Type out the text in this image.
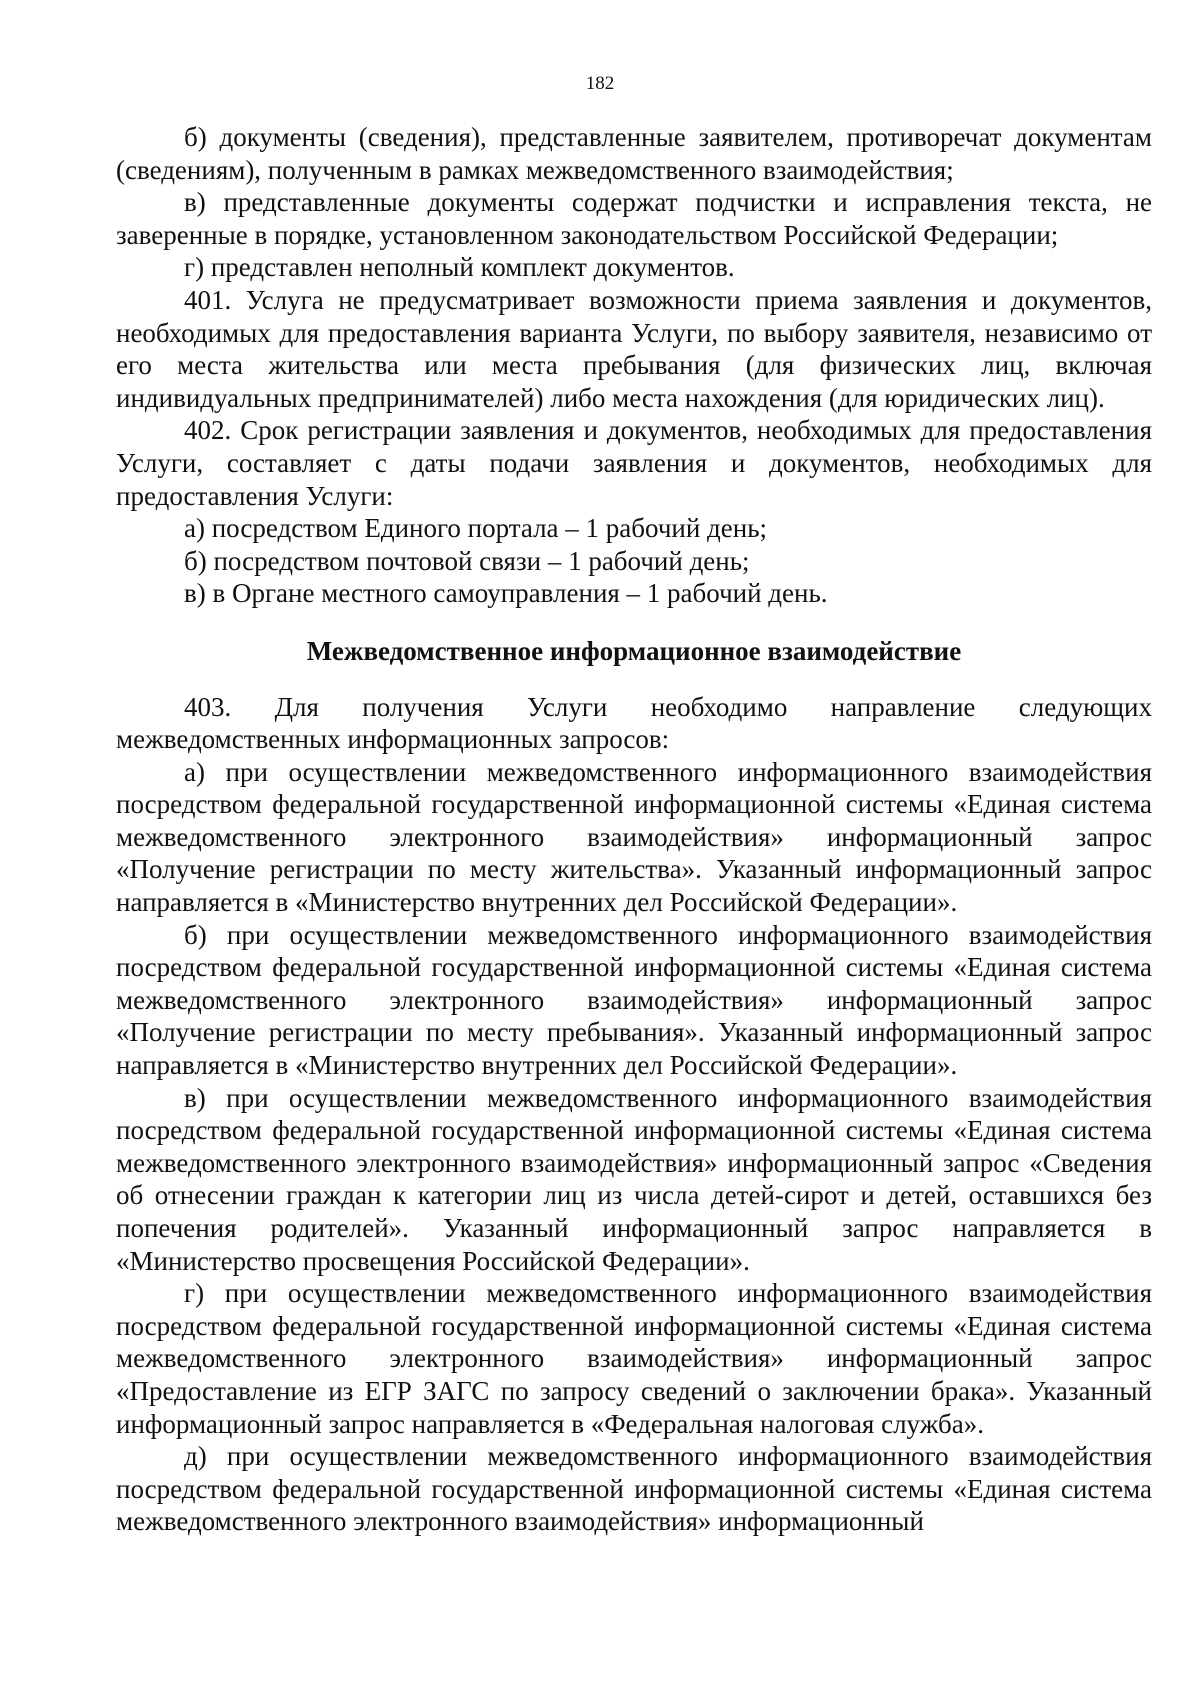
182

б) документы (сведения), представленные заявителем, противоречат документам (сведениям), полученным в рамках межведомственного взаимодействия;

в) представленные документы содержат подчистки и исправления текста, не заверенные в порядке, установленном законодательством Российской Федерации;

г) представлен неполный комплект документов.

401. Услуга не предусматривает возможности приема заявления и документов, необходимых для предоставления варианта Услуги, по выбору заявителя, независимо от его места жительства или места пребывания (для физических лиц, включая индивидуальных предпринимателей) либо места нахождения (для юридических лиц).

402. Срок регистрации заявления и документов, необходимых для предоставления Услуги, составляет с даты подачи заявления и документов, необходимых для предоставления Услуги:

а) посредством Единого портала – 1 рабочий день;

б) посредством почтовой связи – 1 рабочий день;

в) в Органе местного самоуправления – 1 рабочий день.

Межведомственное информационное взаимодействие

403. Для получения Услуги необходимо направление следующих межведомственных информационных запросов:

а) при осуществлении межведомственного информационного взаимодействия посредством федеральной государственной информационной системы «Единая система межведомственного электронного взаимодействия» информационный запрос «Получение регистрации по месту жительства». Указанный информационный запрос направляется в «Министерство внутренних дел Российской Федерации».

б) при осуществлении межведомственного информационного взаимодействия посредством федеральной государственной информационной системы «Единая система межведомственного электронного взаимодействия» информационный запрос «Получение регистрации по месту пребывания». Указанный информационный запрос направляется в «Министерство внутренних дел Российской Федерации».

в) при осуществлении межведомственного информационного взаимодействия посредством федеральной государственной информационной системы «Единая система межведомственного электронного взаимодействия» информационный запрос «Сведения об отнесении граждан к категории лиц из числа детей-сирот и детей, оставшихся без попечения родителей». Указанный информационный запрос направляется в «Министерство просвещения Российской Федерации».

г) при осуществлении межведомственного информационного взаимодействия посредством федеральной государственной информационной системы «Единая система межведомственного электронного взаимодействия» информационный запрос «Предоставление из ЕГР ЗАГС по запросу сведений о заключении брака». Указанный информационный запрос направляется в «Федеральная налоговая служба».

д) при осуществлении межведомственного информационного взаимодействия посредством федеральной государственной информационной системы «Единая система межведомственного электронного взаимодействия» информационный
